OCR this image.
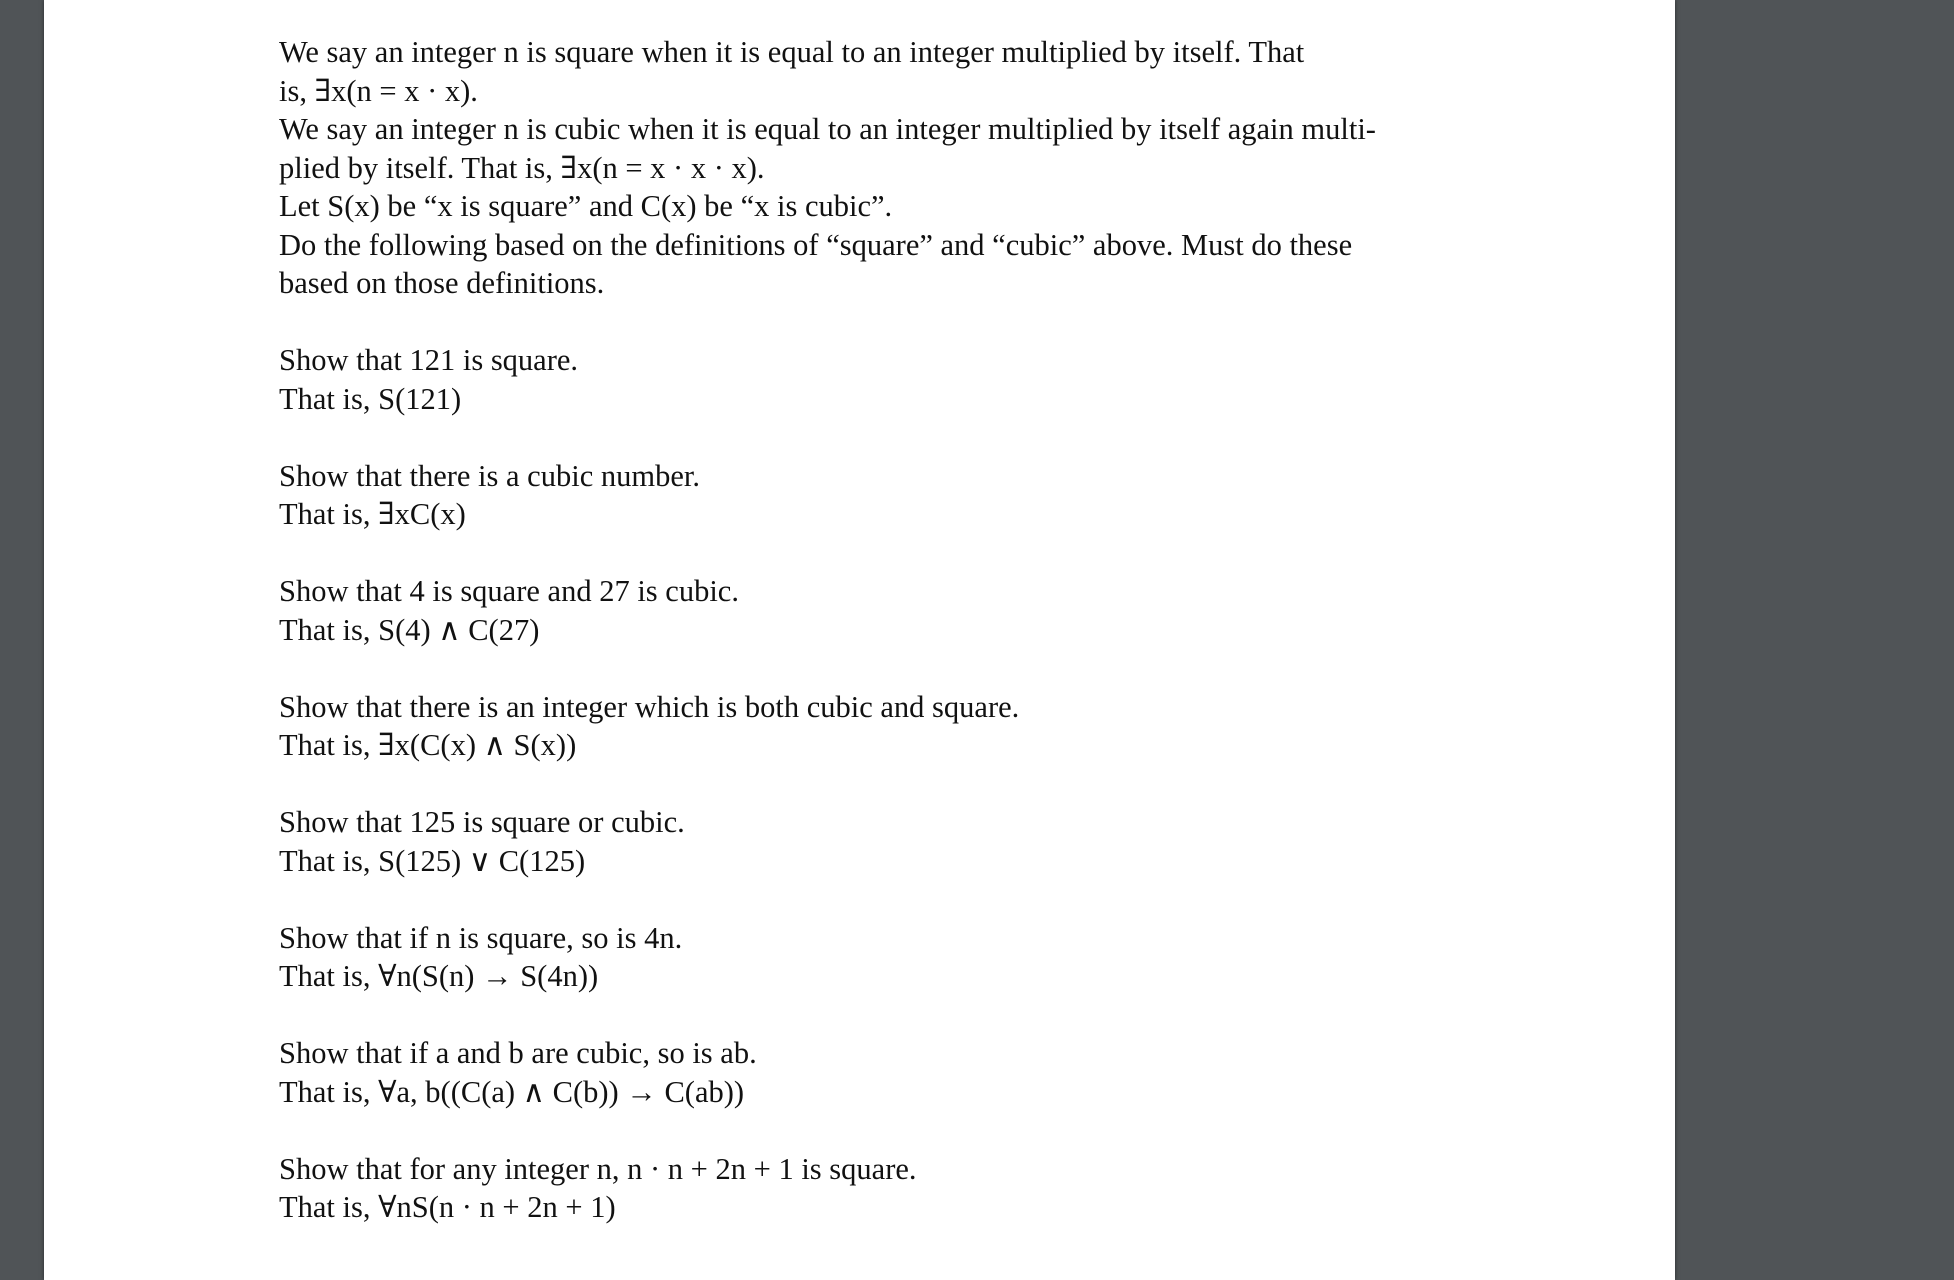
We say an integer n is square when it is equal to an integer multiplied by itself. That
is, ∃x(n = x · x).
We say an integer n is cubic when it is equal to an integer multiplied by itself again multi-
plied by itself. That is, ∃x(n = x · x · x).
Let S(x) be “x is square” and C(x) be “x is cubic”.
Do the following based on the definitions of “square” and “cubic” above. Must do these
based on those definitions.
Show that 121 is square.
That is, S(121)
Show that there is a cubic number.
That is, ∃xC(x)
Show that 4 is square and 27 is cubic.
That is, S(4) ∧ C(27)
Show that there is an integer which is both cubic and square.
That is, ∃x(C(x) ∧ S(x))
Show that 125 is square or cubic.
That is, S(125) ∨ C(125)
Show that if n is square, so is 4n.
That is, ∀n(S(n) → S(4n))
Show that if a and b are cubic, so is ab.
That is, ∀a, b((C(a) ∧ C(b)) → C(ab))
Show that for any integer n, n · n + 2n + 1 is square.
That is, ∀nS(n · n + 2n + 1)
